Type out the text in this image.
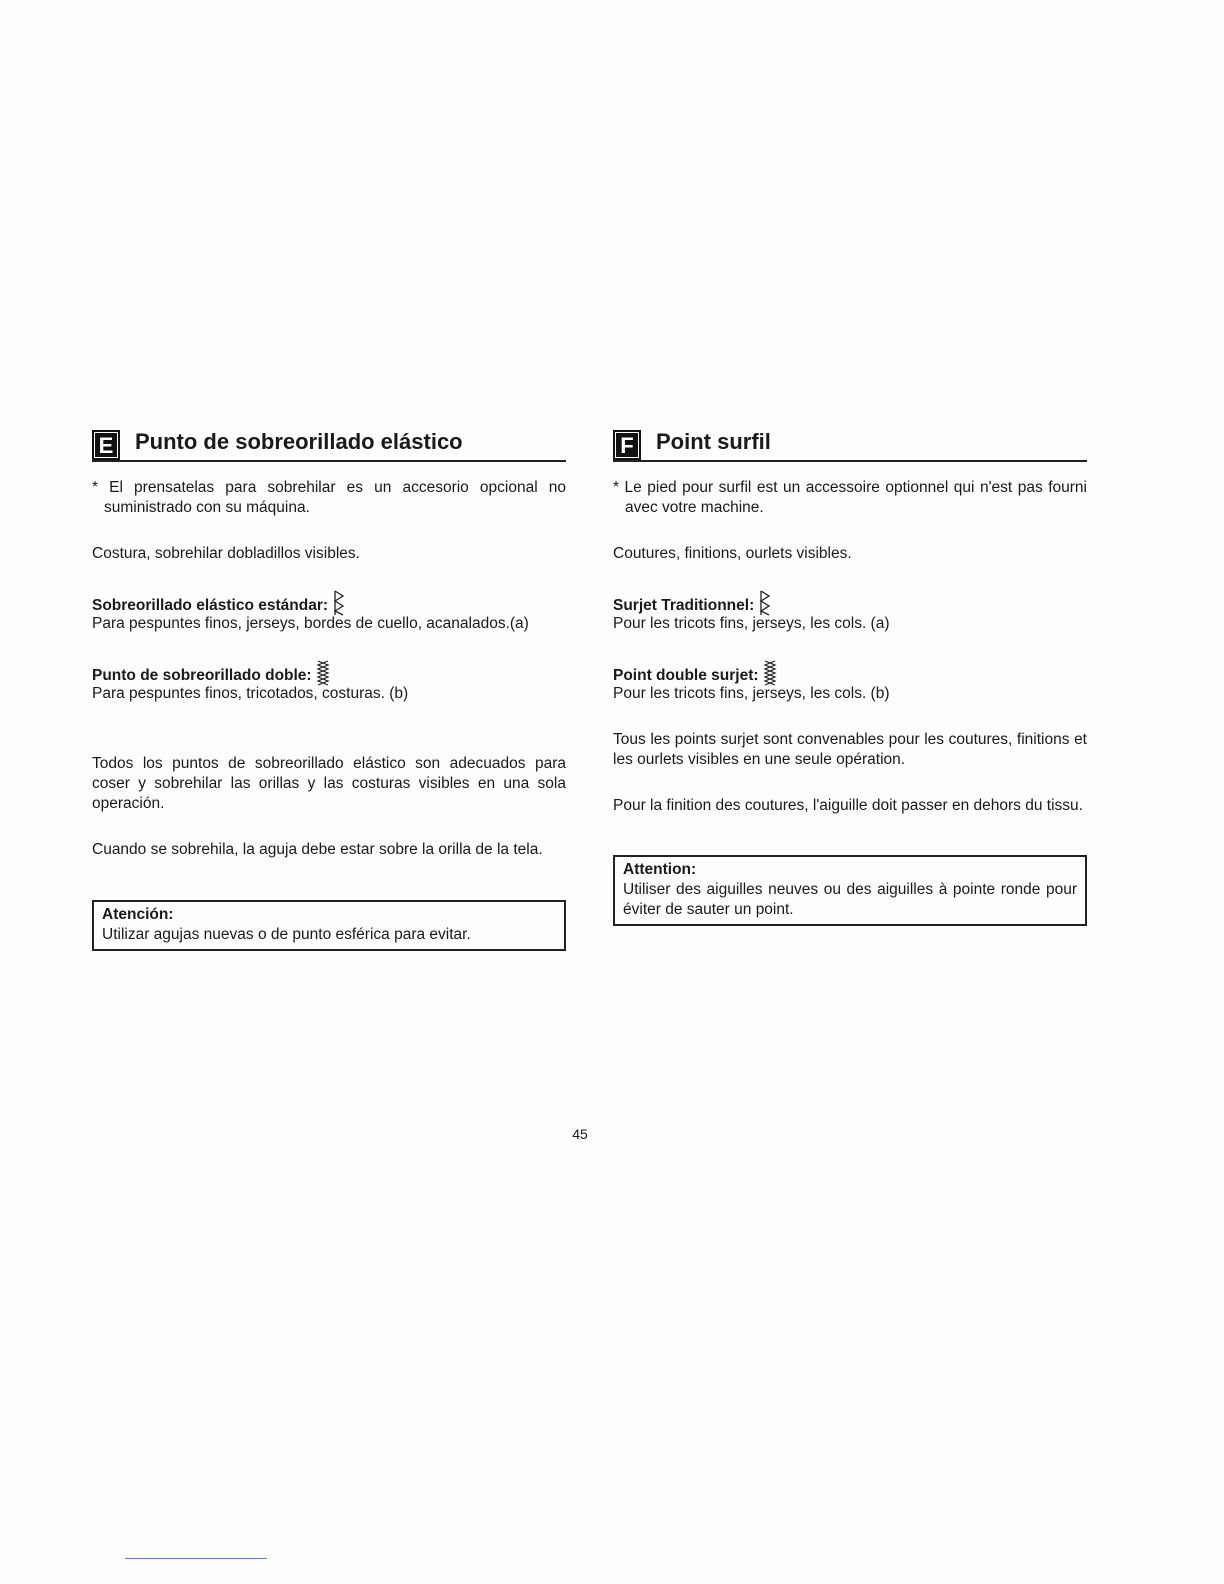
E Punto de sobreorillado elástico

* El prensatelas para sobrehilar es un accesorio opcional no suministrado con su máquina.

Costura, sobrehilar dobladillos visibles.

Sobreorillado elástico estándar:

Para pespuntes finos, jerseys, bordes de cuello, acanalados.(a)

Punto de sobreorillado doble:

Para pespuntes finos, tricotados, costuras. (b)

Todos los puntos de sobreorillado elástico son adecuados para coser y sobrehilar las orillas y las costuras visibles en una sola operación.

Cuando se sobrehila, la aguja debe estar sobre la orilla de la tela.

Atención:

Utilizar agujas nuevas o de punto esférica para evitar.

F	Point surfil

* Le pied pour surfil est un accessoire optionnel qui n'est pas fourni avec votre machine.

Coutures, finitions, ourlets visibles.

Surjet Traditionnel:

Pour les tricots fins, jerseys, les cols. (a)

Point double surjet:

Pour les tricots fins, jerseys, les cols. (b)

Tous les points surjet sont convenables pour les coutures, finitions et les ourlets visibles en une seule opération.

Pour la finition des coutures, l'aiguille doit passer en dehors du tissu.

Attention:

Utiliser des aiguilles neuves ou des aiguilles à pointe ronde pour éviter de sauter un point.

45
